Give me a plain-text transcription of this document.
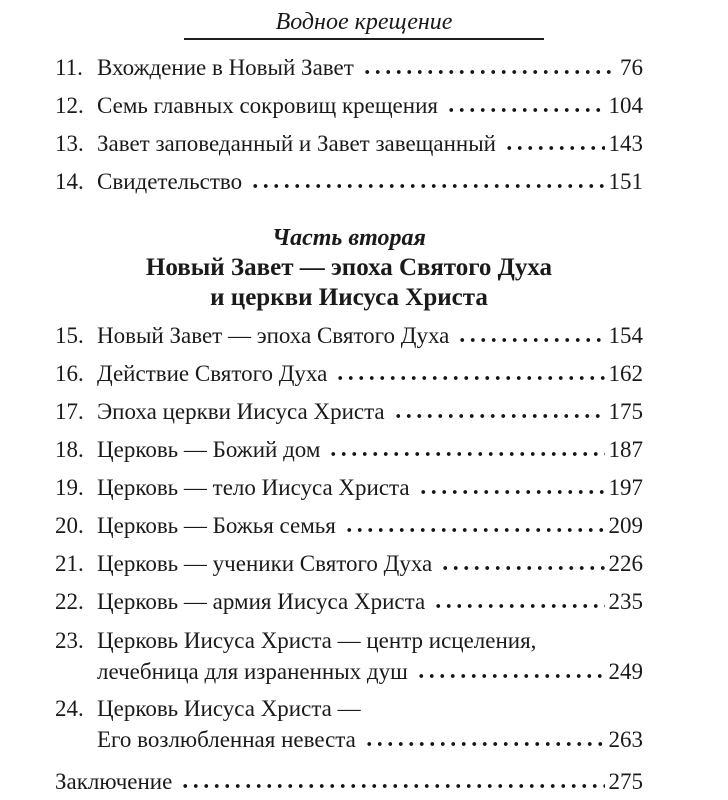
Водное крещение
11. Вхождение в Новый Завет	76
12. Семь главных сокровищ крещения	104
13. Завет заповеданный и Завет завещанный	143
14. Свидетельство	151
Часть вторая
Новый Завет — эпоха Святого Духа
и церкви Иисуса Христа
15. Новый Завет — эпоха Святого Духа	154
16. Действие Святого Духа	162
17. Эпоха церкви Иисуса Христа	175
18. Церковь — Божий дом	187
19. Церковь — тело Иисуса Христа	197
20. Церковь — Божья семья	209
21. Церковь — ученики Святого Духа	226
22. Церковь — армия Иисуса Христа	235
23. Церковь Иисуса Христа — центр исцеления,
лечебница для израненных душ	249
24. Церковь Иисуса Христа —
Его возлюбленная невеста	263
Заключение	275
